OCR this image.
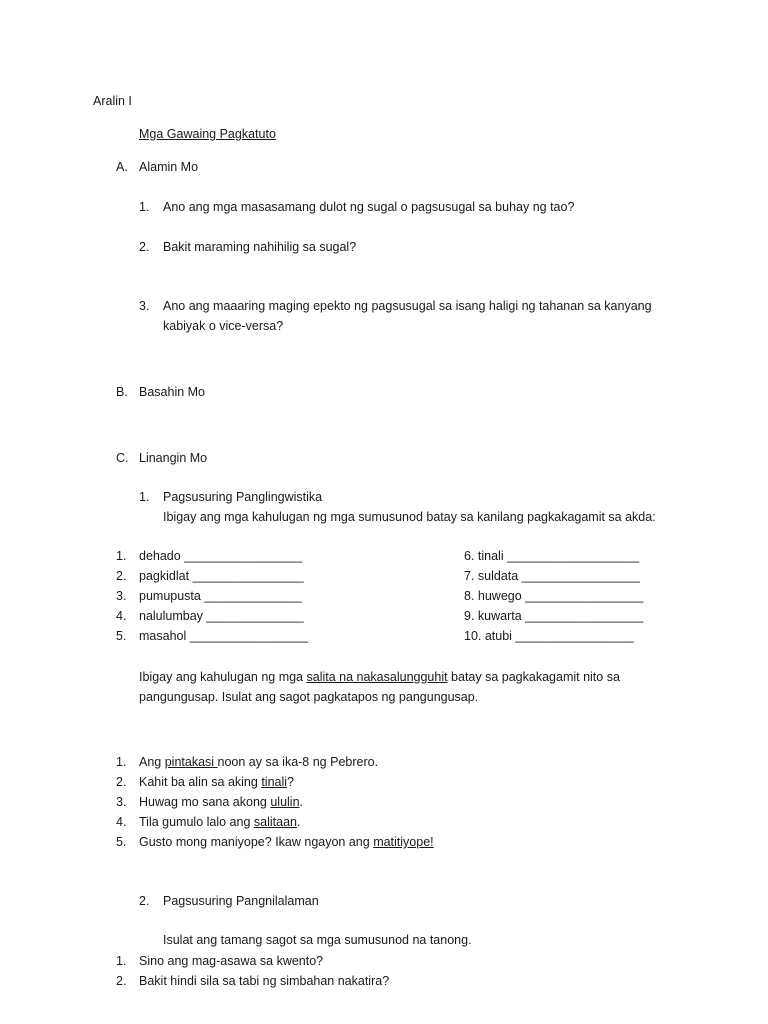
Aralin I
Mga Gawaing Pagkatuto
A. Alamin Mo
1. Ano ang mga masasamang dulot ng sugal o pagsusugal sa buhay ng tao?
2. Bakit maraming nahihilig sa sugal?
3. Ano ang maaaring maging epekto ng pagsusugal sa isang haligi ng tahanan sa kanyang
kabiyak o vice-versa?
B. Basahin Mo
C. Linangin Mo
1. Pagsusuring Panglingwistika
Ibigay ang mga kahulugan ng mga sumusunod batay sa kanilang pagkakagamit sa akda:
1. dehado _________________
2. pagkidlat ________________
3. pumupusta ______________
4. nalulumbay ______________
5. masahol _________________
6. tinali ___________________
7. suldata _________________
8. huwego _________________
9. kuwarta _________________
10. atubi _________________
Ibigay ang kahulugan ng mga salita na nakasalungguhit batay sa pagkakagamit nito sa
pangungusap. Isulat ang sagot pagkatapos ng pangungusap.
1. Ang pintakasi noon ay sa ika-8 ng Pebrero.
2. Kahit ba alin sa aking tinali?
3. Huwag mo sana akong ululin.
4. Tila gumulo lalo ang salitaan.
5. Gusto mong maniyope? Ikaw ngayon ang matitiyope!
2. Pagsusuring Pangnilalaman
Isulat ang tamang sagot sa mga sumusunod na tanong.
1. Sino ang mag-asawa sa kwento?
2. Bakit hindi sila sa tabi ng simbahan nakatira?
